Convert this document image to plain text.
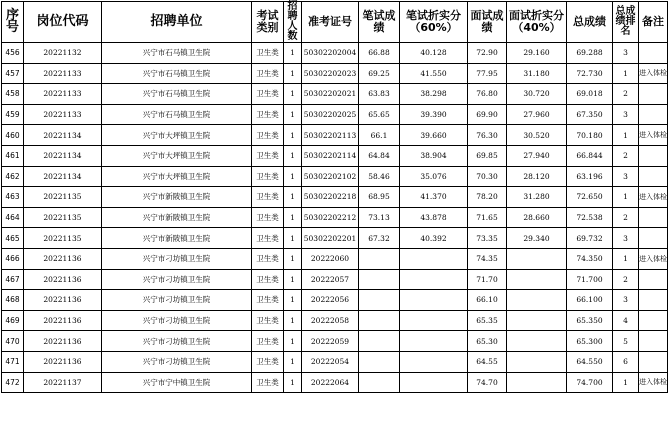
序号	岗位代码	招聘单位	考试类别	招聘人数	准考证号	笔试成绩	笔试折实分（60%）	面试成绩	面试折实分（40%）	总成绩	总成绩排名	备注
456	20221132	兴宁市石马镇卫生院	卫生类	1	50302202004	66.88	40.128	72.90	29.160	69.288	3	
457	20221133	兴宁市石马镇卫生院	卫生类	1	50302202023	69.25	41.550	77.95	31.180	72.730	1	进入体检
458	20221133	兴宁市石马镇卫生院	卫生类	1	50302202021	63.83	38.298	76.80	30.720	69.018	2	
459	20221133	兴宁市石马镇卫生院	卫生类	1	50302202025	65.65	39.390	69.90	27.960	67.350	3	
460	20221134	兴宁市大坪镇卫生院	卫生类	1	50302202113	66.1	39.660	76.30	30.520	70.180	1	进入体检
461	20221134	兴宁市大坪镇卫生院	卫生类	1	50302202114	64.84	38.904	69.85	27.940	66.844	2	
462	20221134	兴宁市大坪镇卫生院	卫生类	1	50302202102	58.46	35.076	70.30	28.120	63.196	3	
463	20221135	兴宁市新陂镇卫生院	卫生类	1	50302202218	68.95	41.370	78.20	31.280	72.650	1	进入体检
464	20221135	兴宁市新陂镇卫生院	卫生类	1	50302202212	73.13	43.878	71.65	28.660	72.538	2	
465	20221135	兴宁市新陂镇卫生院	卫生类	1	50302202201	67.32	40.392	73.35	29.340	69.732	3	
466	20221136	兴宁市刁坊镇卫生院	卫生类	1	20222060			74.35		74.350	1	进入体检
467	20221136	兴宁市刁坊镇卫生院	卫生类	1	20222057			71.70		71.700	2	
468	20221136	兴宁市刁坊镇卫生院	卫生类	1	20222056			66.10		66.100	3	
469	20221136	兴宁市刁坊镇卫生院	卫生类	1	20222058			65.35		65.350	4	
470	20221136	兴宁市刁坊镇卫生院	卫生类	1	20222059			65.30		65.300	5	
471	20221136	兴宁市刁坊镇卫生院	卫生类	1	20222054			64.55		64.550	6	
472	20221137	兴宁市宁中镇卫生院	卫生类	1	20222064			74.70		74.700	1	进入体检
